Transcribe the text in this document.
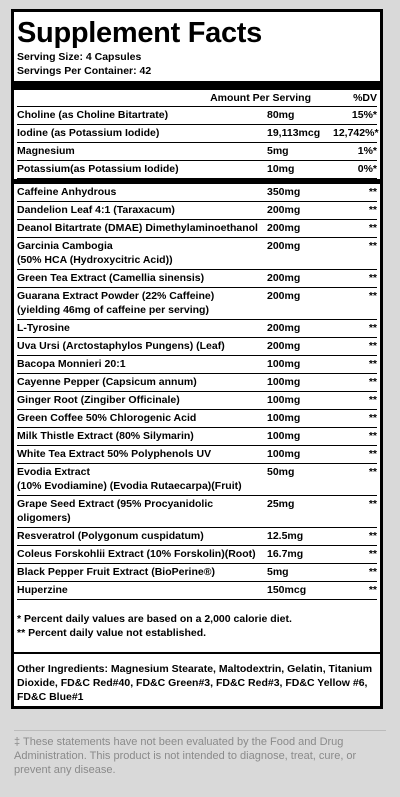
Supplement Facts
Serving Size: 4 Capsules
Servings Per Container: 42
Amount Per Serving	%DV
Choline (as Choline Bitartrate)	80mg	15%*
Iodine (as Potassium Iodide)	19,113mcg	12,742%*
Magnesium	5mg	1%*
Potassium(as Potassium Iodide)	10mg	0%*
Caffeine Anhydrous	350mg	**
Dandelion Leaf 4:1 (Taraxacum)	200mg	**
Deanol Bitartrate (DMAE) Dimethylaminoethanol 200mg	**
Garcinia Cambogia
(50% HCA (Hydroxycitric Acid))
200mg	**
Green Tea Extract (Camellia sinensis)	200mg	**
Guarana Extract Powder (22% Caffeine)
(yielding 46mg of caffeine per serving)
200mg	**
L-Tyrosine	200mg	**
Uva Ursi (Arctostaphylos Pungens) (Leaf)	200mg	**
Bacopa Monnieri 20:1	100mg	**
Cayenne Pepper (Capsicum annum)	100mg	**
Ginger Root (Zingiber Officinale)	100mg	**
Green Coffee 50% Chlorogenic Acid	100mg	**
Milk Thistle Extract (80% Silymarin)	100mg	**
White Tea Extract 50% Polyphenols UV	100mg	**
Evodia Extract
(10% Evodiamine) (Evodia Rutaecarpa)(Fruit)
50mg	**
Grape Seed Extract (95% Procyanidolic oligomers)
25mg	**
Resveratrol (Polygonum cuspidatum)	12.5mg	**
Coleus Forskohlii Extract (10% Forskolin)(Root)	16.7mg	**
Black Pepper Fruit Extract (BioPerine®)	5mg	**
Huperzine	150mcg	**
* Percent daily values are based on a 2,000 calorie diet.
** Percent daily value not established.
Other Ingredients: Magnesium Stearate, Maltodextrin, Gelatin, Titanium Dioxide, FD&C Red#40, FD&C Green#3, FD&C Red#3, FD&C Yellow #6, FD&C Blue#1
‡ These statements have not been evaluated by the Food and Drug Administration. This product is not intended to diagnose, treat, cure, or prevent any disease.
